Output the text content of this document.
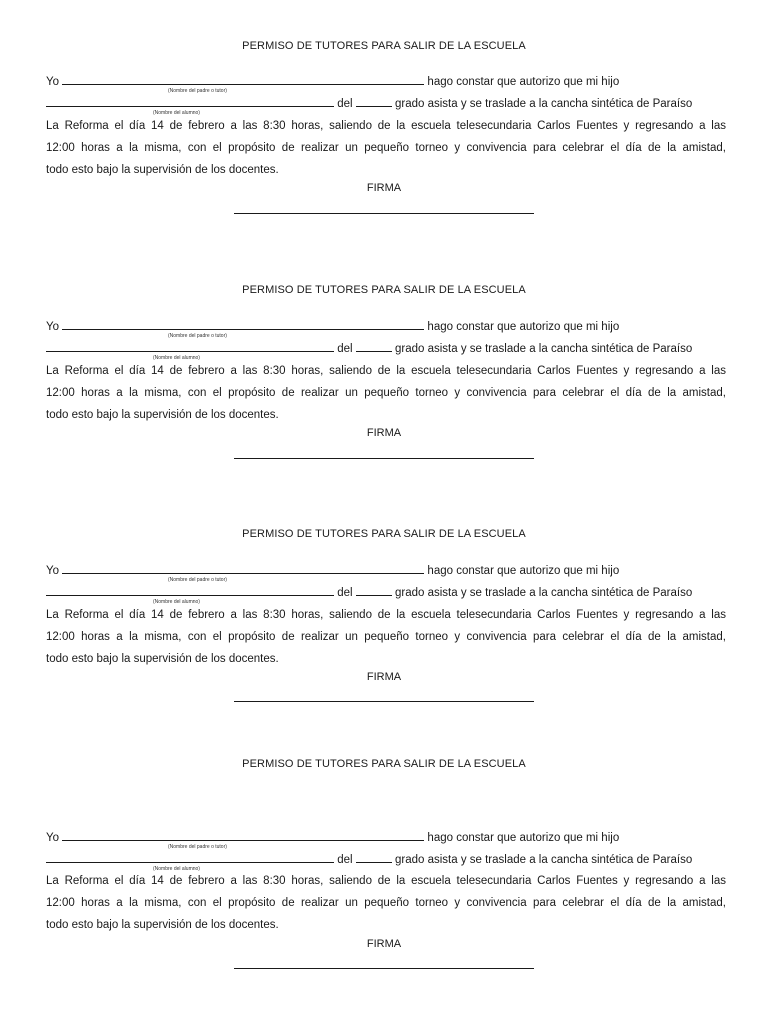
PERMISO DE TUTORES PARA SALIR DE LA ESCUELA
Yo	hago constar que autorizo que mi hijo
(Nombre del padre o tutor)
del	grado asista y se traslade a la cancha sintética de Paraíso
(Nombre del alumno)
La Reforma el día 14 de febrero a las 8:30 horas, saliendo de la escuela telesecundaria Carlos Fuentes y regresando a las
12:00 horas a la misma, con el propósito de realizar un pequeño torneo y convivencia para celebrar el día de la amistad,
todo esto bajo la supervisión de los docentes.
FIRMA
PERMISO DE TUTORES PARA SALIR DE LA ESCUELA
Yo	hago constar que autorizo que mi hijo
(Nombre del padre o tutor)
del	grado asista y se traslade a la cancha sintética de Paraíso
(Nombre del alumno)
La Reforma el día 14 de febrero a las 8:30 horas, saliendo de la escuela telesecundaria Carlos Fuentes y regresando a las
12:00 horas a la misma, con el propósito de realizar un pequeño torneo y convivencia para celebrar el día de la amistad,
todo esto bajo la supervisión de los docentes.
FIRMA
PERMISO DE TUTORES PARA SALIR DE LA ESCUELA
Yo	hago constar que autorizo que mi hijo
(Nombre del padre o tutor)
del	grado asista y se traslade a la cancha sintética de Paraíso
(Nombre del alumno)
La Reforma el día 14 de febrero a las 8:30 horas, saliendo de la escuela telesecundaria Carlos Fuentes y regresando a las
12:00 horas a la misma, con el propósito de realizar un pequeño torneo y convivencia para celebrar el día de la amistad,
todo esto bajo la supervisión de los docentes.
FIRMA
PERMISO DE TUTORES PARA SALIR DE LA ESCUELA
Yo	hago constar que autorizo que mi hijo
(Nombre del padre o tutor)
del	grado asista y se traslade a la cancha sintética de Paraíso
(Nombre del alumno)
La Reforma el día 14 de febrero a las 8:30 horas, saliendo de la escuela telesecundaria Carlos Fuentes y regresando a las
12:00 horas a la misma, con el propósito de realizar un pequeño torneo y convivencia para celebrar el día de la amistad,
todo esto bajo la supervisión de los docentes.
FIRMA
